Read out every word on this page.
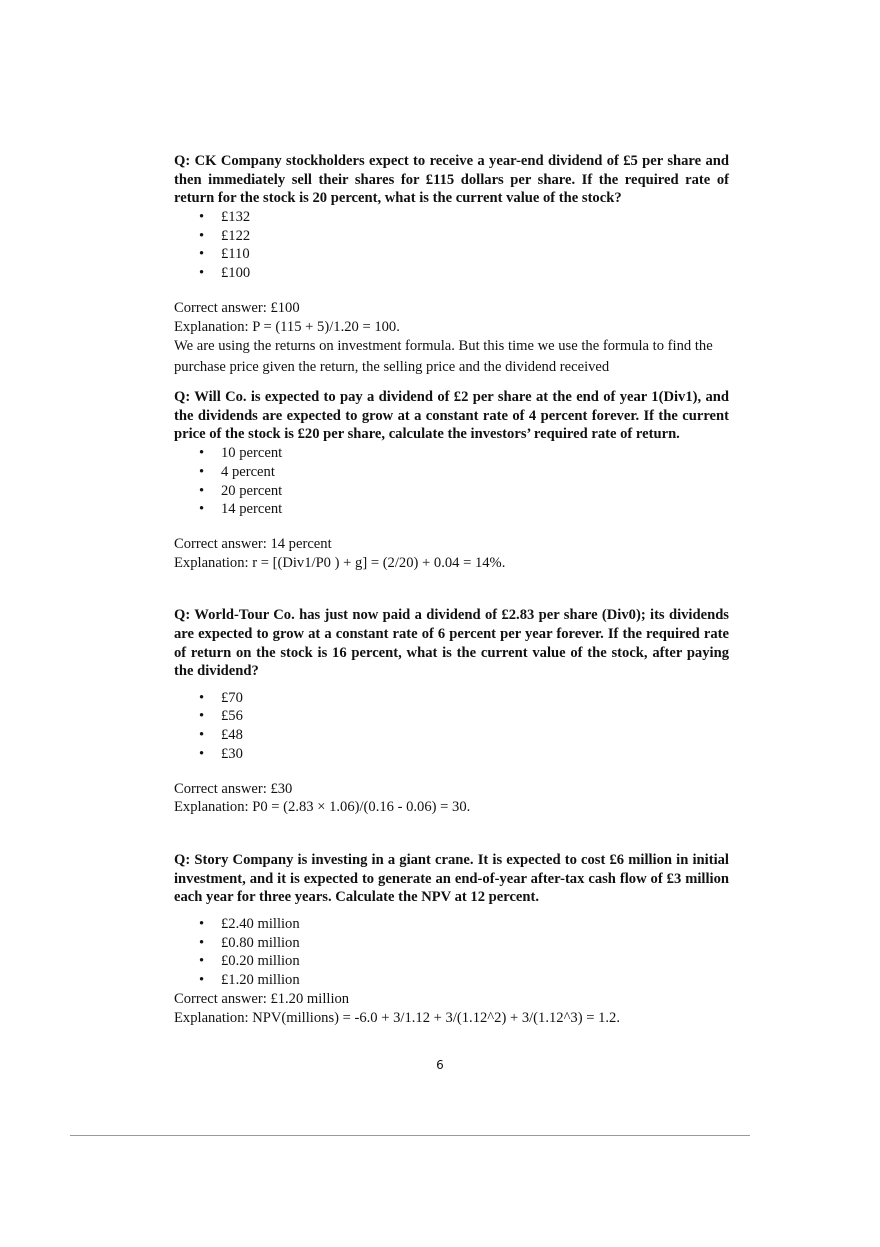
Q: CK Company stockholders expect to receive a year-end dividend of £5 per share and then immediately sell their shares for £115 dollars per share. If the required rate of return for the stock is 20 percent, what is the current value of the stock?

• £132
• £122
• £110
• £100

Correct answer: £100

Explanation: P = (115 + 5)/1.20 = 100.

We are using the returns on investment formula. But this time we use the formula to find the purchase price given the return, the selling price and the dividend received

Q: Will Co. is expected to pay a dividend of £2 per share at the end of year 1(Div1), and the dividends are expected to grow at a constant rate of 4 percent forever. If the current price of the stock is £20 per share, calculate the investors’ required rate of return.

• 10 percent
• 4 percent
• 20 percent
• 14 percent

Correct answer: 14 percent

Explanation: r = [(Div1/P0 ) + g] = (2/20) + 0.04 = 14%.

Q: World-Tour Co. has just now paid a dividend of £2.83 per share (Div0); its dividends are expected to grow at a constant rate of 6 percent per year forever. If the required rate of return on the stock is 16 percent, what is the current value of the stock, after paying the dividend?

• £70
• £56
• £48
• £30

Correct answer: £30

Explanation: P0 = (2.83 × 1.06)/(0.16 - 0.06) = 30.

Q: Story Company is investing in a giant crane. It is expected to cost £6 million in initial investment, and it is expected to generate an end-of-year after-tax cash flow of £3 million each year for three years. Calculate the NPV at 12 percent.

• £2.40 million
• £0.80 million
• £0.20 million
• £1.20 million

Correct answer: £1.20 million

Explanation: NPV(millions) = -6.0 + 3/1.12 + 3/(1.12^2) + 3/(1.12^3) = 1.2.

6
